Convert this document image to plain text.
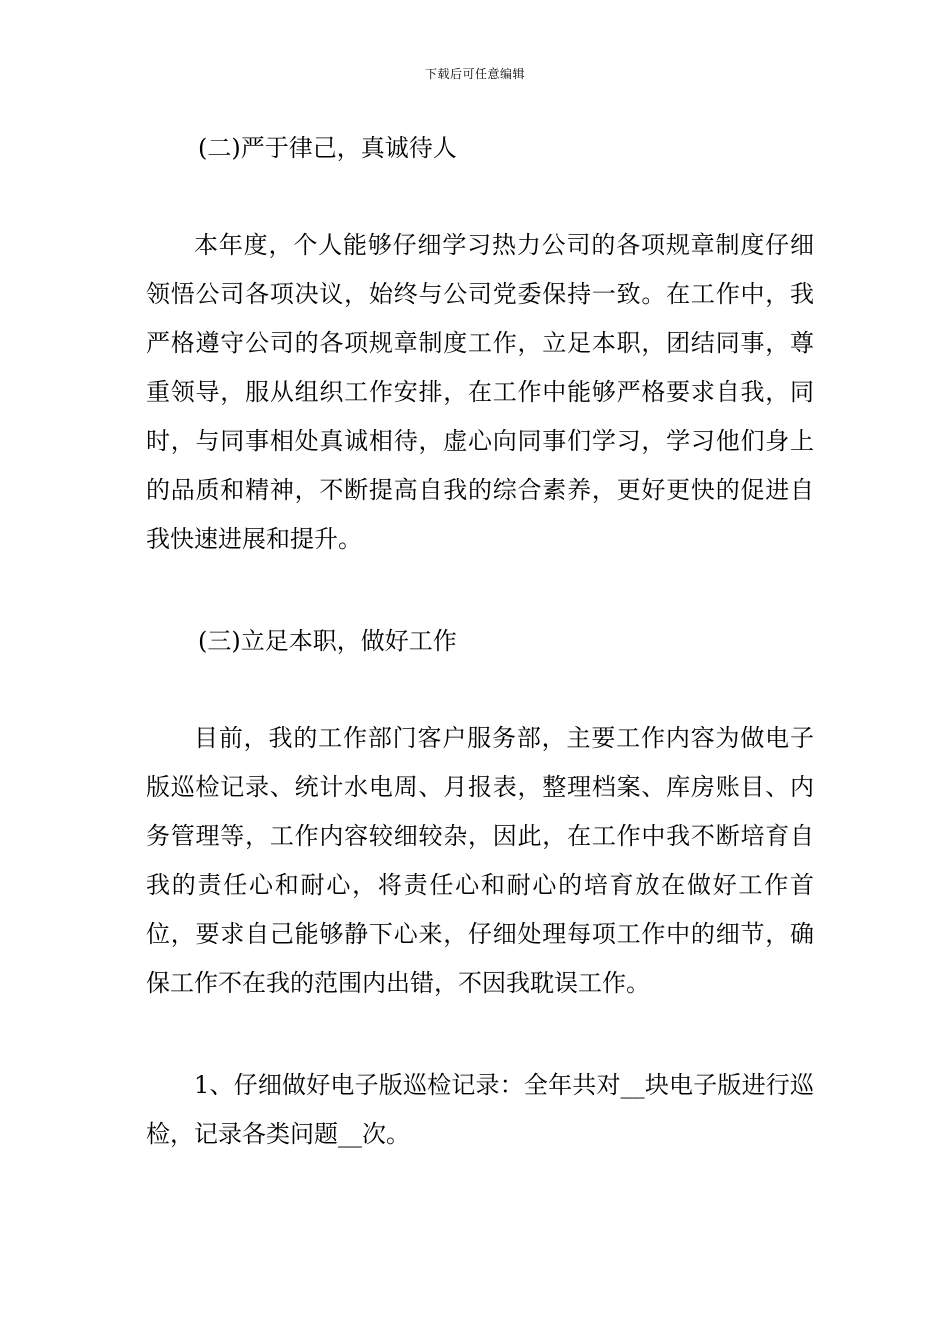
下载后可任意编辑

(二)严于律己，真诚待人

本年度，个人能够仔细学习热力公司的各项规章制度仔细领悟公司各项决议，始终与公司党委保持一致。在工作中，我严格遵守公司的各项规章制度工作，立足本职，团结同事，尊重领导，服从组织工作安排，在工作中能够严格要求自我，同时，与同事相处真诚相待，虚心向同事们学习，学习他们身上的品质和精神，不断提高自我的综合素养，更好更快的促进自我快速进展和提升。

(三)立足本职，做好工作

目前，我的工作部门客户服务部，主要工作内容为做电子版巡检记录、统计水电周、月报表，整理档案、库房账目、内务管理等，工作内容较细较杂，因此，在工作中我不断培育自我的责任心和耐心，将责任心和耐心的培育放在做好工作首位，要求自己能够静下心来，仔细处理每项工作中的细节，确保工作不在我的范围内出错，不因我耽误工作。

1、仔细做好电子版巡检记录：全年共对__块电子版进行巡检，记录各类问题__次。
